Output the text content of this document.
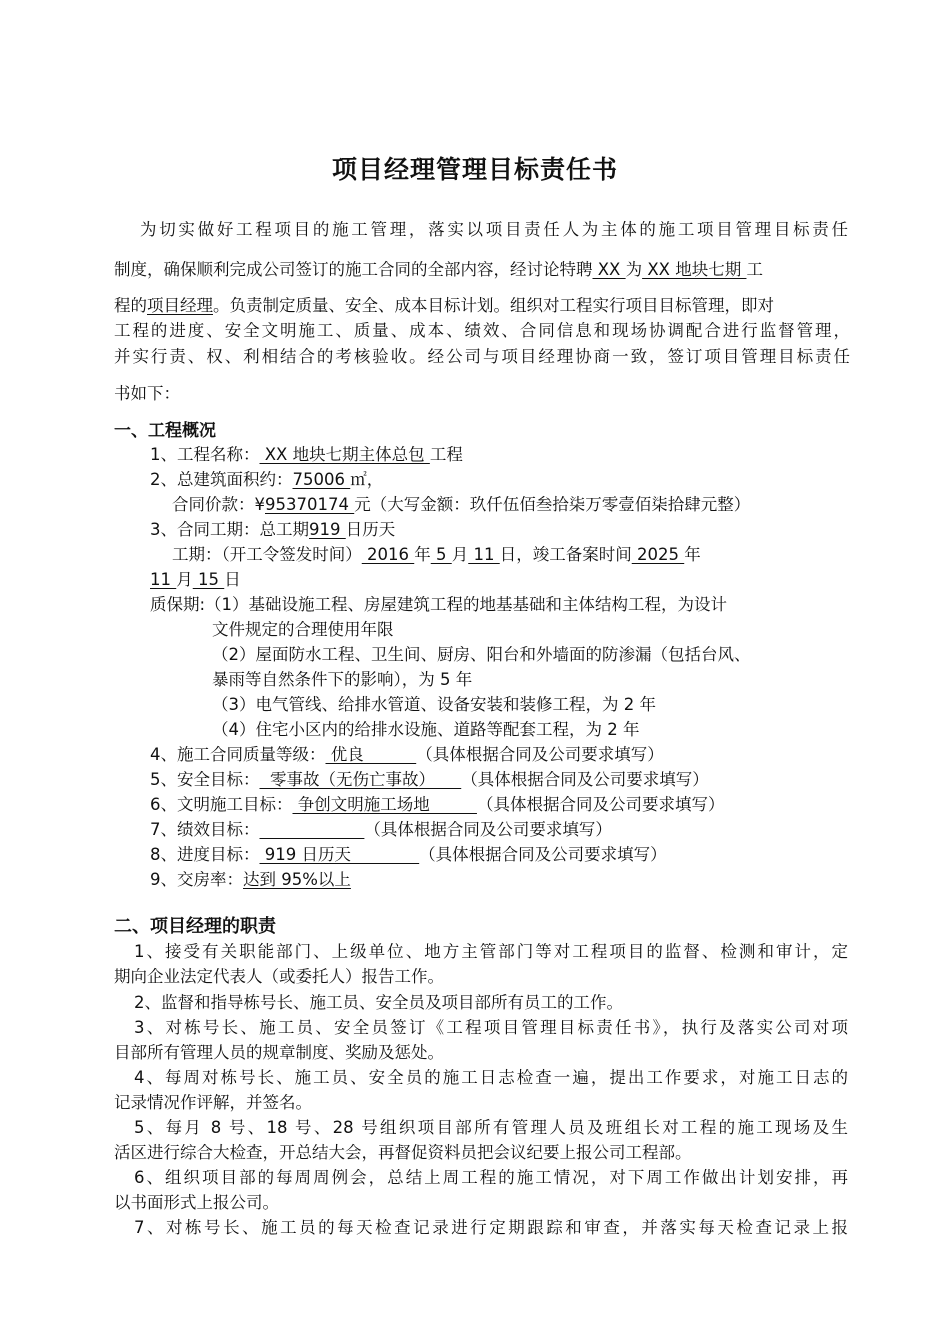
项目经理管理目标责任书
为切实做好工程项目的施工管理，落实以项目责任人为主体的施工项目管理目标责任
制度，确保顺利完成公司签订的施工合同的全部内容，经讨论特聘 XX 为 XX 地块七期 工
程的项目经理。负责制定质量、安全、成本目标计划。组织对工程实行项目目标管理，即对
工程的进度、安全文明施工、质量、成本、绩效、合同信息和现场协调配合进行监督管理，
并实行责、权、利相结合的考核验收。经公司与项目经理协商一致，签订项目管理目标责任
书如下：
一、工程概况
1、工程名称： XX 地块七期主体总包 工程
2、总建筑面积约：75006 ㎡，
合同价款：¥95370174 元（大写金额：玖仟伍佰叁拾柒万零壹佰柒拾肆元整）
3、合同工期：总工期919 日历天
工期：（开工令签发时间） 2016 年 5 月 11 日，竣工备案时间 2025 年
11 月 15 日
质保期:（1）基础设施工程、房屋建筑工程的地基基础和主体结构工程，为设计
文件规定的合理使用年限
（2）屋面防水工程、卫生间、厨房、阳台和外墙面的防渗漏（包括台风、
暴雨等自然条件下的影响），为 5 年
（3）电气管线、给排水管道、设备安装和装修工程，为 2 年
（4）住宅小区内的给排水设施、道路等配套工程，为 2 年
4、施工合同质量等级： 优良          （具体根据合同及公司要求填写）
5、安全目标：  零事故（无伤亡事故）     （具体根据合同及公司要求填写）
6、文明施工目标： 争创文明施工场地         （具体根据合同及公司要求填写）
7、绩效目标：	（具体根据合同及公司要求填写）
8、进度目标： 919 日历天             （具体根据合同及公司要求填写）
9、交房率：达到 95%以上
二、项目经理的职责
1、接受有关职能部门、上级单位、地方主管部门等对工程项目的监督、检测和审计，定
期向企业法定代表人（或委托人）报告工作。
2、监督和指导栋号长、施工员、安全员及项目部所有员工的工作。
3、对栋号长、施工员、安全员签订《工程项目管理目标责任书》，执行及落实公司对项
目部所有管理人员的规章制度、奖励及惩处。
4、每周对栋号长、施工员、安全员的施工日志检查一遍，提出工作要求，对施工日志的
记录情况作评解，并签名。
5、每月 8 号、18 号、28 号组织项目部所有管理人员及班组长对工程的施工现场及生
活区进行综合大检查，开总结大会，再督促资料员把会议纪要上报公司工程部。
6、组织项目部的每周周例会，总结上周工程的施工情况，对下周工作做出计划安排，再
以书面形式上报公司。
7、对栋号长、施工员的每天检查记录进行定期跟踪和审查，并落实每天检查记录上报
